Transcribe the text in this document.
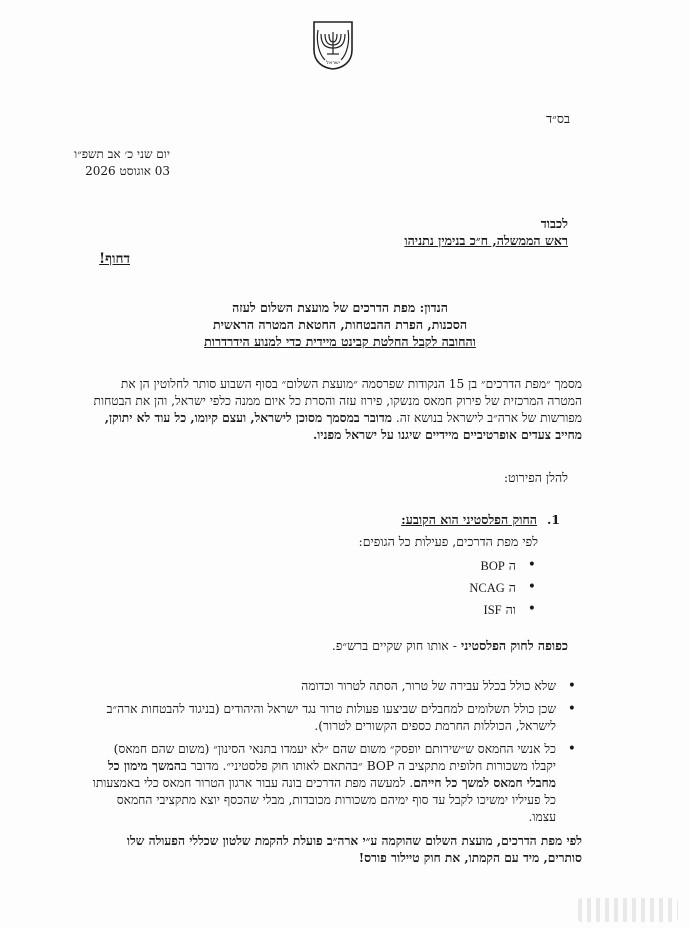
ישראל
בס״ד
יום שני כ׳ אב תשפ״ו
03 אוגוסט 2026
לכבוד
ראש הממשלה, ח״כ בנימין נתניהו
דחוף!
הנדון: מפת הדרכים של מועצת השלום לעזה
הסכנות, הפרת ההבטחות, החטאת המטרה הראשית
והחובה לקבל החלטת קבינט מיידית כדי למנוע הידרדרות
מסמך ״מפת הדרכים״ בן 15 הנקודות שפרסמה ״מועצת השלום״ בסוף השבוע סותר לחלוטין הן את המטרה המרכזית של פירוק חמאס מנשקו, פירוז עזה והסרת כל איום ממנה כלפי ישראל, והן את הבטחות מפורשות של ארה״ב לישראל בנושא זה. מדובר במסמך מסוכן לישראל, ועצם קיומו, כל עוד לא יתוקן, מחייב צעדים אופרטיביים מיידיים שיגנו על ישראל מפניו.
להלן הפירוט:
1.
החוק הפלסטיני הוא הקובע:
לפי מפת הדרכים, פעילות כל הגופים:
• ה BOP
• ה NCAG
• וה ISF
כפופה לחוק הפלסטיני - אותו חוק שקיים ברש״פ.
• שלא כולל בכלל עבירה של טרור, הסתה לטרור וכדומה
• שכן כולל תשלומים למחבלים שביצעו פעולות טרור נגד ישראל והיהודים (בניגוד להבטחות ארה״ב לישראל, הכוללות החרמת כספים הקשורים לטרור).
• כל אנשי החמאס ש״שירותם יופסק״ משום שהם ״לא יעמדו בתנאי הסינון״ (משום שהם חמאס) יקבלו משכורות חלופית מתקציב ה BOP ״בהתאם לאותו חוק פלסטיני״. מדובר בהמשך מימון כל מחבלי חמאס למשך כל חייהם. למעשה מפת הדרכים בונה עבור ארגון הטרור חמאס כלי באמצעותו כל פעיליו ימשיכו לקבל עד סוף ימיהם משכורות מכובדות, מבלי שהכסף יוצא מתקציבי החמאס עצמו.
לפי מפת הדרכים, מועצת השלום שהוקמה ע״י ארה״ב פועלת להקמת שלטון שכללי הפעולה שלו סותרים, מיד עם הקמתו, את חוק טיילור פורס!
